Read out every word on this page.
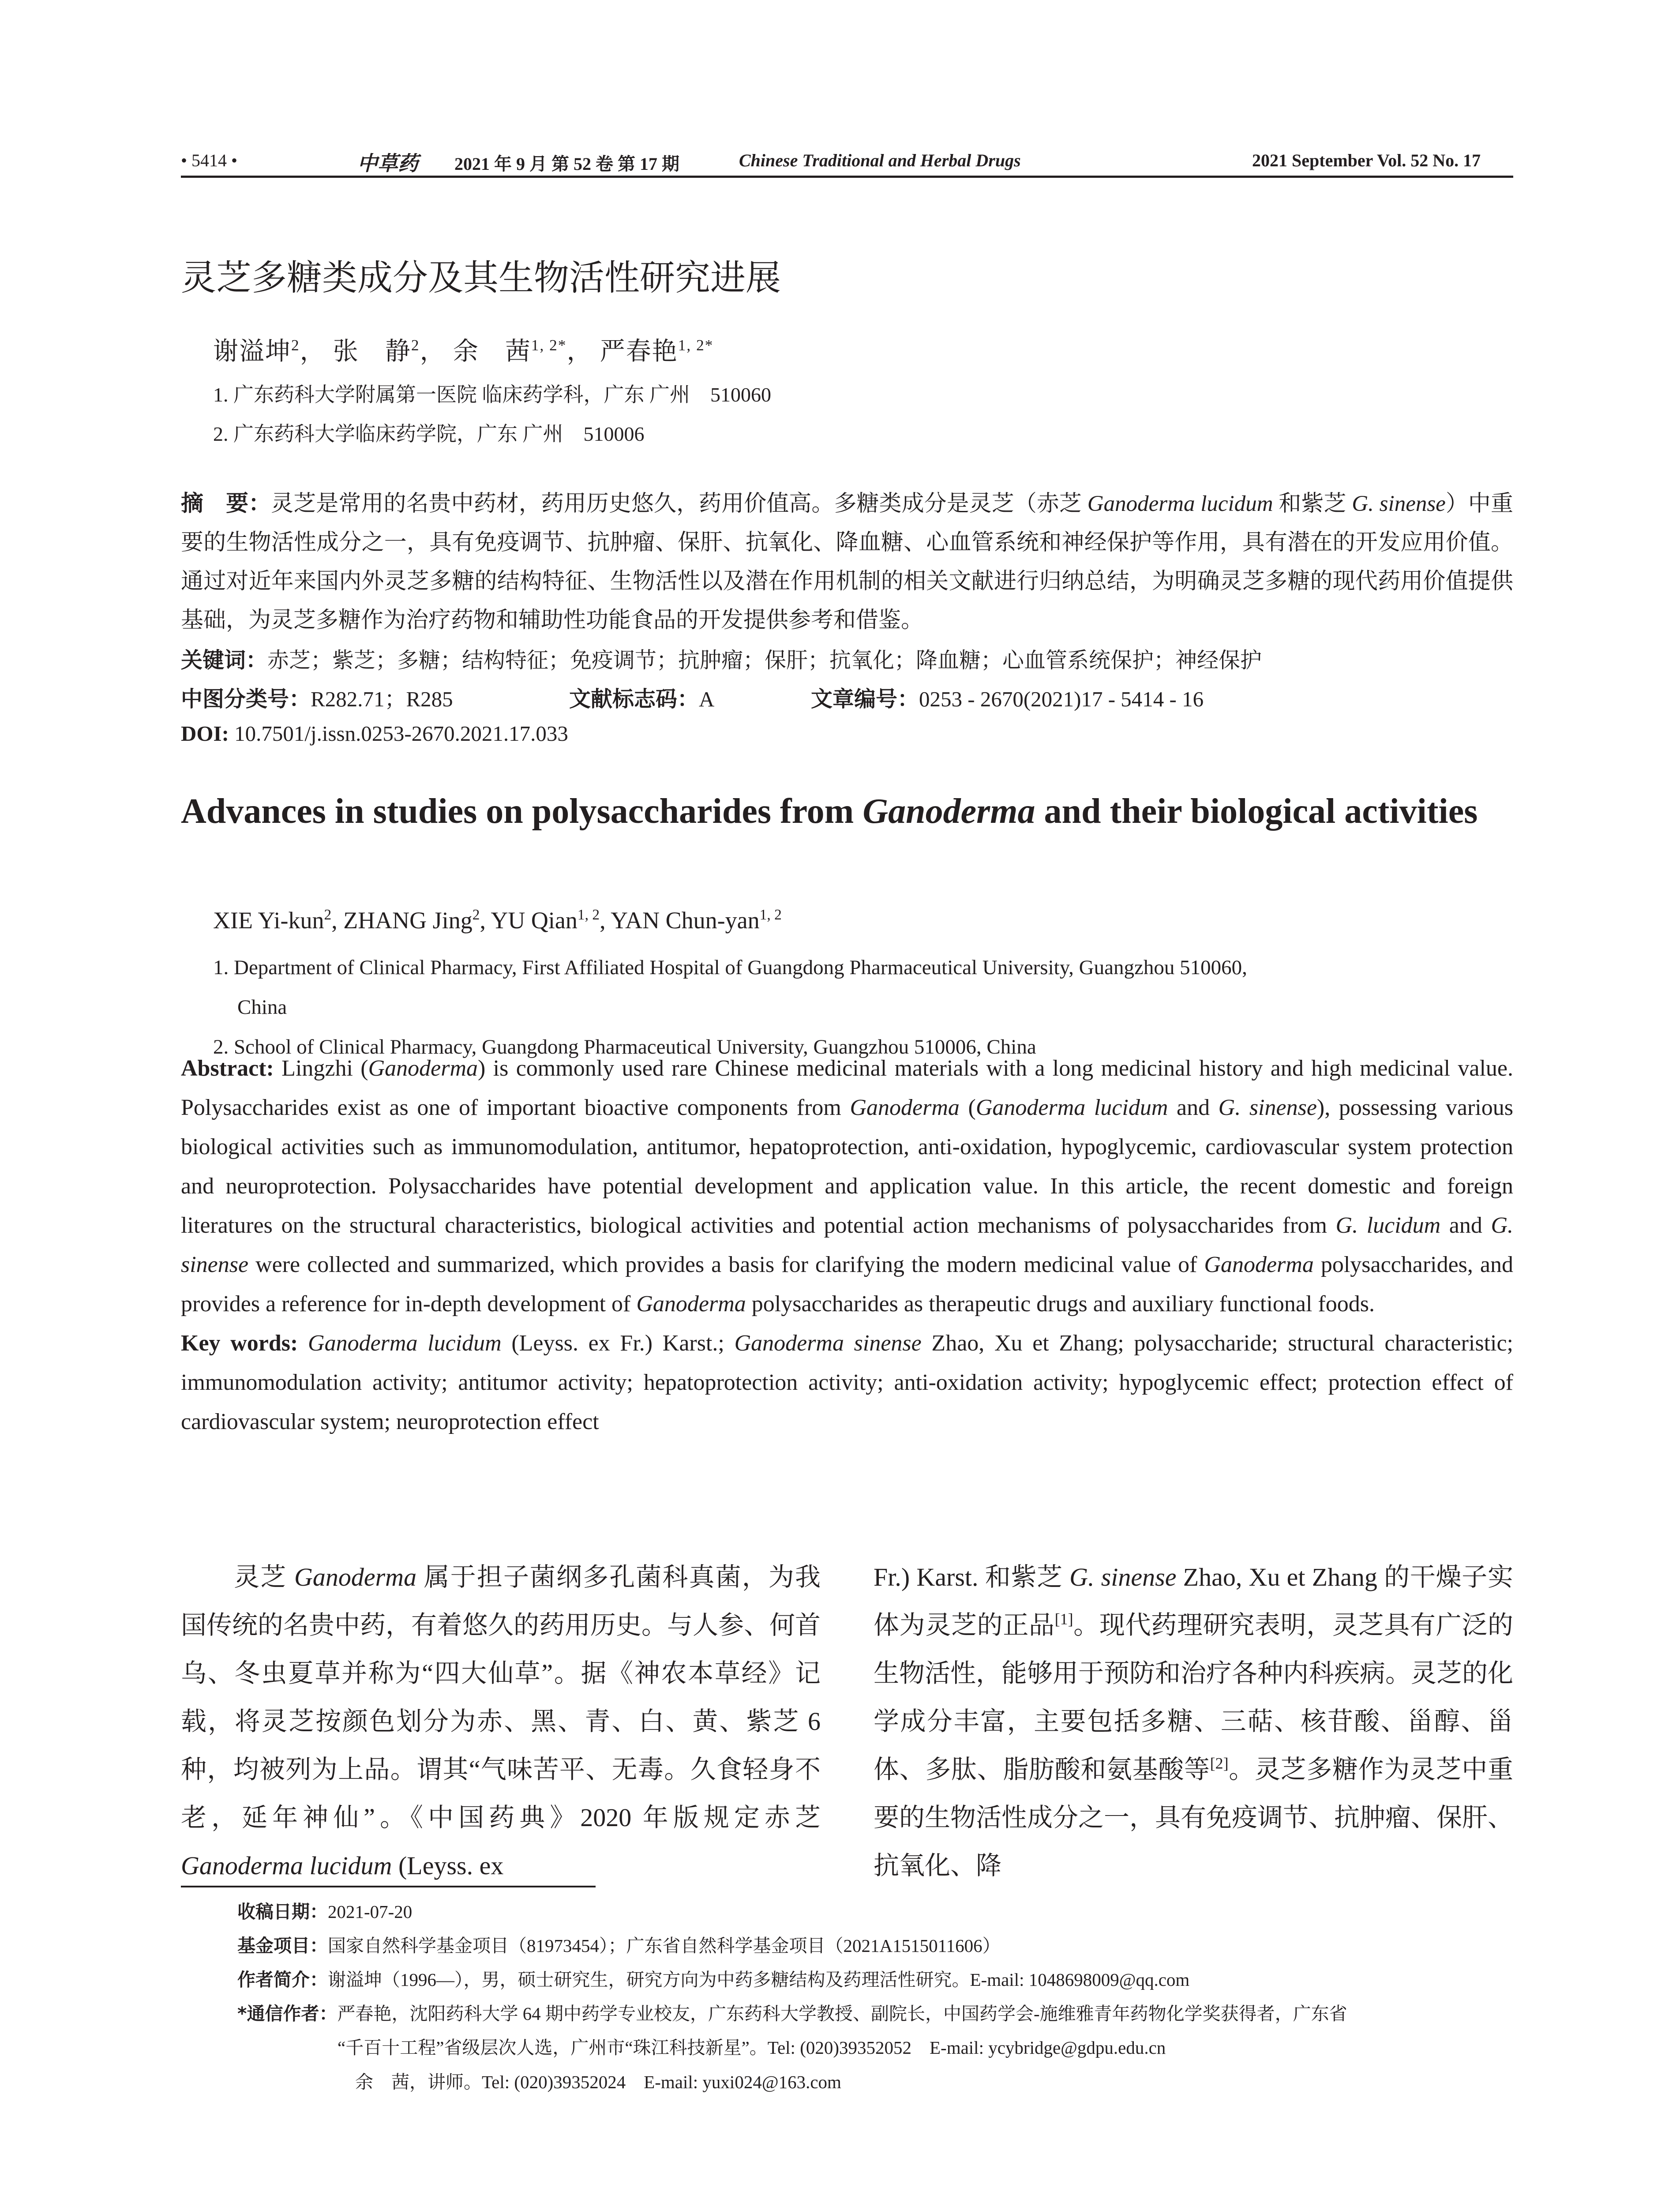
• 5414 •	中草药 2021 年 9 月 第 52 卷 第 17 期	Chinese Traditional and Herbal Drugs	2021 September Vol. 52 No. 17
灵芝多糖类成分及其生物活性研究进展
谢溢坤$^2$， 张　静$^2$， 余　茜$^{1, 2*}$， 严春艳$^{1, 2*}$
1. 广东药科大学附属第一医院 临床药学科，广东 广州　510060
2. 广东药科大学临床药学院，广东 广州　510006
摘　要：灵芝是常用的名贵中药材，药用历史悠久，药用价值高。多糖类成分是灵芝（赤芝 Ganoderma lucidum 和紫芝 G. sinense）中重要的生物活性成分之一，具有免疫调节、抗肿瘤、保肝、抗氧化、降血糖、心血管系统和神经保护等作用，具有潜在的开发应用价值。通过对近年来国内外灵芝多糖的结构特征、生物活性以及潜在作用机制的相关文献进行归纳总结，为明确灵芝多糖的现代药用价值提供基础，为灵芝多糖作为治疗药物和辅助性功能食品的开发提供参考和借鉴。
关键词：赤芝；紫芝；多糖；结构特征；免疫调节；抗肿瘤；保肝；抗氧化；降血糖；心血管系统保护；神经保护
中图分类号：R282.71；R285	文献标志码：A	文章编号：0253 - 2670(2021)17 - 5414 - 16
DOI: 10.7501/j.issn.0253-2670.2021.17.033
Advances in studies on polysaccharides from Ganoderma and their biological activities
XIE Yi-kun$^2$, ZHANG Jing$^2$, YU Qian$^{1, 2}$, YAN Chun-yan$^{1, 2}$
1. Department of Clinical Pharmacy, First Affiliated Hospital of Guangdong Pharmaceutical University, Guangzhou 510060,
China
2. School of Clinical Pharmacy, Guangdong Pharmaceutical University, Guangzhou 510006, China
Abstract: Lingzhi (Ganoderma) is commonly used rare Chinese medicinal materials with a long medicinal history and high medicinal value. Polysaccharides exist as one of important bioactive components from Ganoderma (Ganoderma lucidum and G. sinense), possessing various biological activities such as immunomodulation, antitumor, hepatoprotection, anti-oxidation, hypoglycemic, cardiovascular system protection and neuroprotection. Polysaccharides have potential development and application value. In this article, the recent domestic and foreign literatures on the structural characteristics, biological activities and potential action mechanisms of polysaccharides from G. lucidum and G. sinense were collected and summarized, which provides a basis for clarifying the modern medicinal value of Ganoderma polysaccharides, and provides a reference for in-depth development of Ganoderma polysaccharides as therapeutic drugs and auxiliary functional foods.
Key words: Ganoderma lucidum (Leyss. ex Fr.) Karst.; Ganoderma sinense Zhao, Xu et Zhang; polysaccharide; structural characteristic; immunomodulation activity; antitumor activity; hepatoprotection activity; anti-oxidation activity; hypoglycemic effect; protection effect of cardiovascular system; neuroprotection effect
　　灵芝 Ganoderma 属于担子菌纲多孔菌科真菌，为我国传统的名贵中药，有着悠久的药用历史。与人参、何首乌、冬虫夏草并称为“四大仙草”。据《神农本草经》记载，将灵芝按颜色划分为赤、黑、青、白、黄、紫芝 6 种，均被列为上品。谓其“气味苦平、无毒。久食轻身不老，延年神仙”。《中国药典》2020 年版规定赤芝 Ganoderma lucidum (Leyss. ex
Fr.) Karst. 和紫芝 G. sinense Zhao, Xu et Zhang 的干燥子实体为灵芝的正品[1]。现代药理研究表明，灵芝具有广泛的生物活性，能够用于预防和治疗各种内科疾病。灵芝的化学成分丰富，主要包括多糖、三萜、核苷酸、甾醇、甾体、多肽、脂肪酸和氨基酸等[2]。灵芝多糖作为灵芝中重要的生物活性成分之一，具有免疫调节、抗肿瘤、保肝、抗氧化、降
收稿日期：2021-07-20
基金项目：国家自然科学基金项目（81973454）；广东省自然科学基金项目（2021A1515011606）
作者简介：谢溢坤（1996—），男，硕士研究生，研究方向为中药多糖结构及药理活性研究。E-mail: 1048698009@qq.com
*通信作者：严春艳，沈阳药科大学 64 期中药学专业校友，广东药科大学教授、副院长，中国药学会-施维雅青年药物化学奖获得者，广东省
“千百十工程”省级层次人选，广州市“珠江科技新星”。Tel: (020)39352052　E-mail: ycybridge@gdpu.edu.cn
余　茜，讲师。Tel: (020)39352024　E-mail: yuxi024@163.com
